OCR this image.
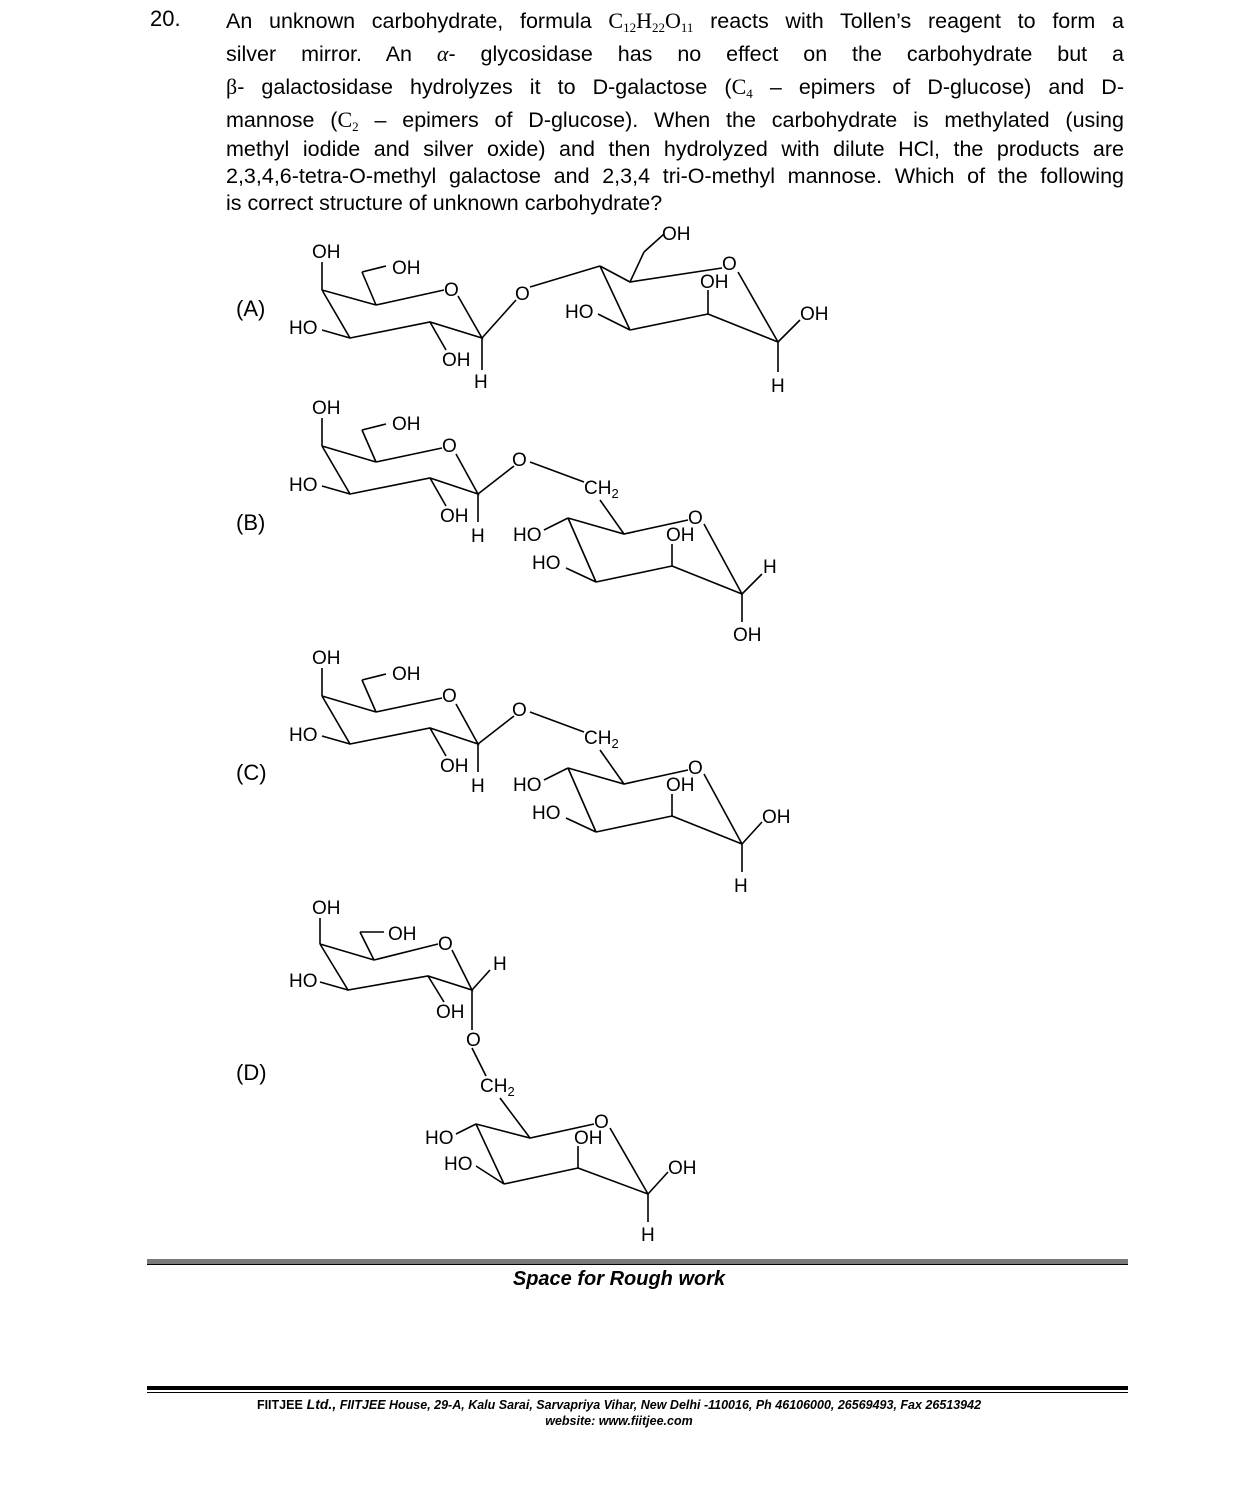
20. An unknown carbohydrate, formula $C_{12}H_{22}O_{11}$ reacts with Tollen’s reagent to form a
silver mirror. An α- glycosidase has no effect on the carbohydrate but a
β- galactosidase hydrolyzes it to D-galactose ($C_4$ – epimers of D-glucose) and D-
mannose ($C_2$ – epimers of D-glucose). When the carbohydrate is methylated (using
methyl iodide and silver oxide) and then hydrolyzed with dilute HCl, the products are
2,3,4,6-tetra-O-methyl galactose and 2,3,4 tri-O-methyl mannose. Which of the following
is correct structure of unknown carbohydrate?
(A)
(B)
(C)
(D)
OH
OH
O
HO
OH
H
O
OH
O
OH
HO	OH
H
OH
OH
O
HO
OH
H
O
$CH_2$
O
OH
HO
HO	H
OH
OH
OH
O
HO
OH
H
O
$CH_2$
O
OH
HO
HO	OH
H
OH
OH O
HO
OH
H
O
$CH_2$
O
OH
HO
HO	OH
H
Space for Rough work
FIITJEE Ltd., FIITJEE House, 29-A, Kalu Sarai, Sarvapriya Vihar, New Delhi -110016, Ph 46106000, 26569493, Fax 26513942
website: www.fiitjee.com
